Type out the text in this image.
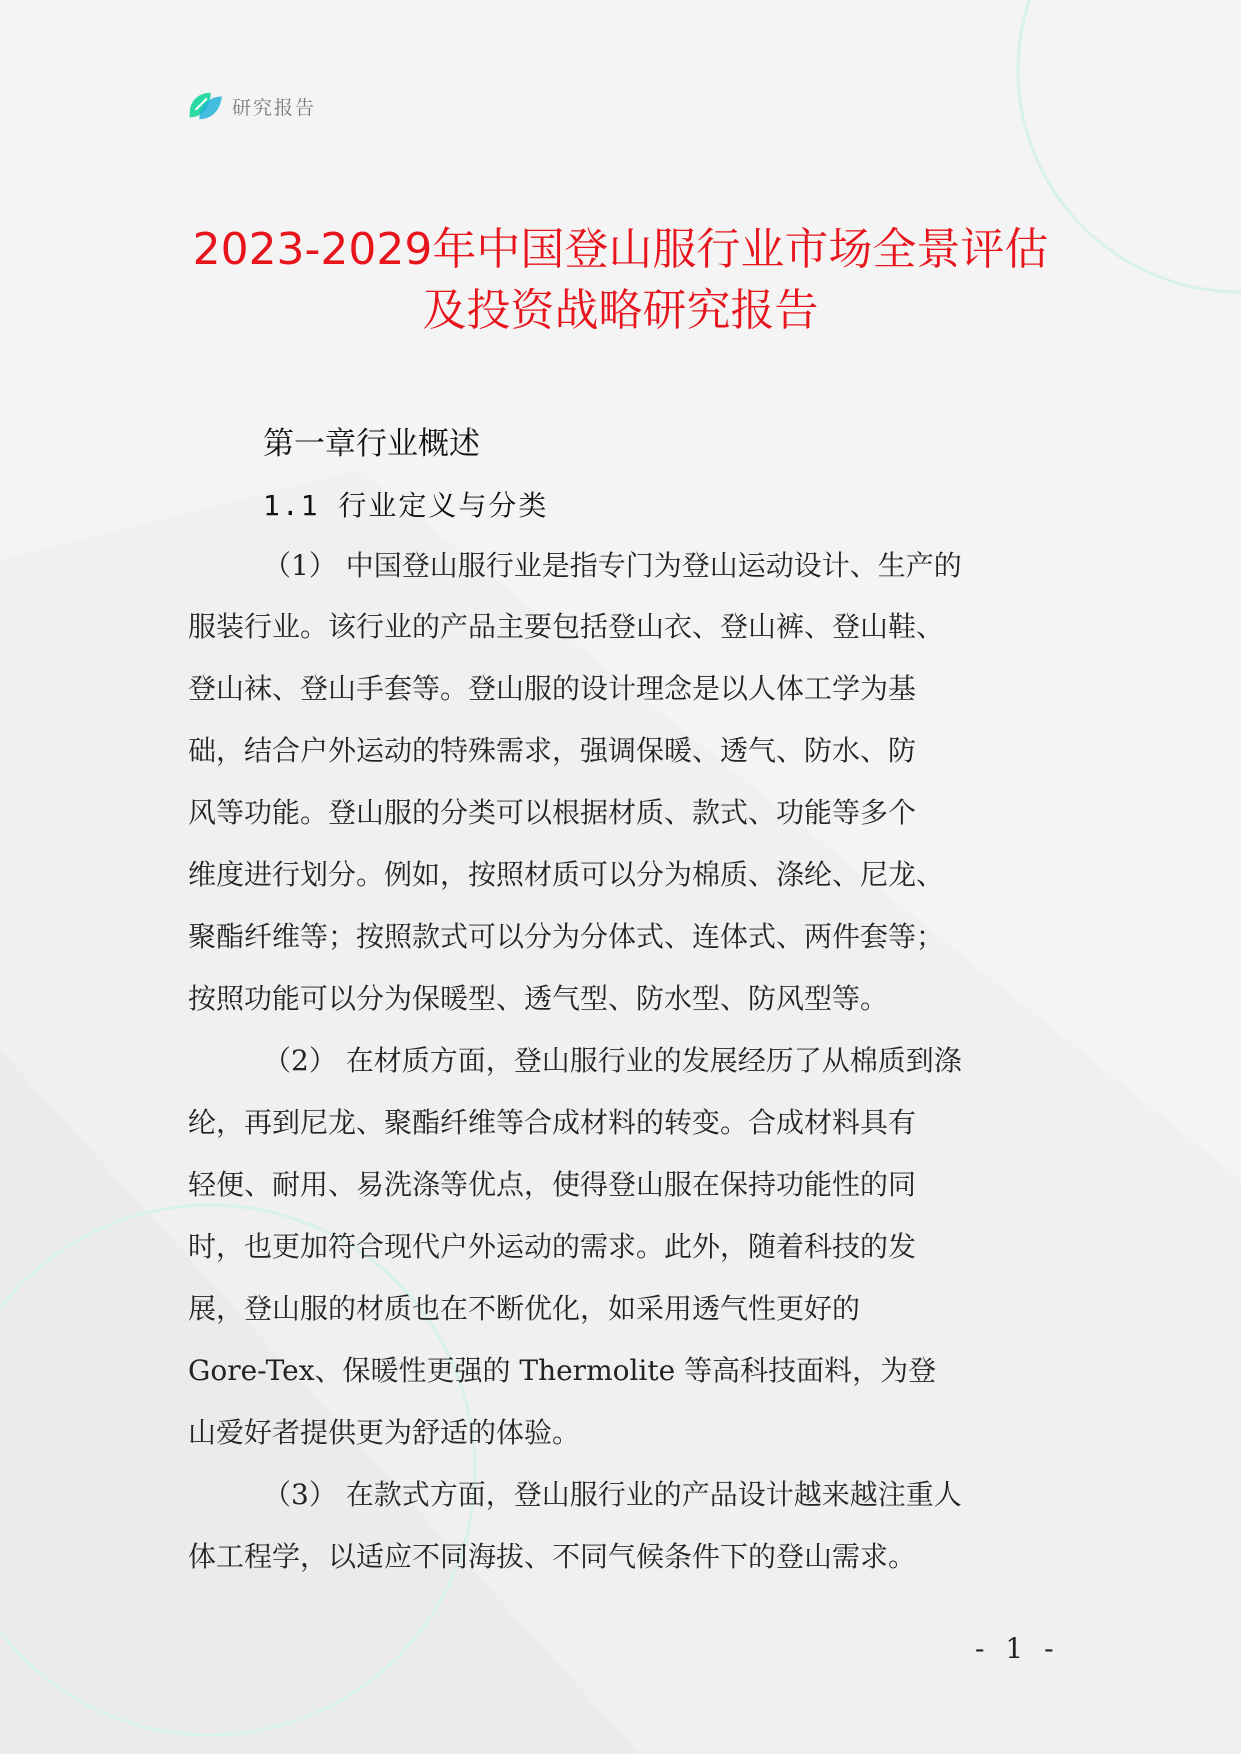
研究报告
2023-2029年中国登山服行业市场全景评估
及投资战略研究报告
第一章行业概述
1.1 行业定义与分类
（1） 中国登山服行业是指专门为登山运动设计、生产的
服装行业。该行业的产品主要包括登山衣、登山裤、登山鞋、
登山袜、登山手套等。登山服的设计理念是以人体工学为基
础，结合户外运动的特殊需求，强调保暖、透气、防水、防
风等功能。登山服的分类可以根据材质、款式、功能等多个
维度进行划分。例如，按照材质可以分为棉质、涤纶、尼龙、
聚酯纤维等；按照款式可以分为分体式、连体式、两件套等；
按照功能可以分为保暖型、透气型、防水型、防风型等。
（2） 在材质方面，登山服行业的发展经历了从棉质到涤
纶，再到尼龙、聚酯纤维等合成材料的转变。合成材料具有
轻便、耐用、易洗涤等优点，使得登山服在保持功能性的同
时，也更加符合现代户外运动的需求。此外，随着科技的发
展，登山服的材质也在不断优化，如采用透气性更好的
Gore-Tex、保暖性更强的 Thermolite 等高科技面料，为登
山爱好者提供更为舒适的体验。
（3） 在款式方面，登山服行业的产品设计越来越注重人
体工程学，以适应不同海拔、不同气候条件下的登山需求。
- 1 -
